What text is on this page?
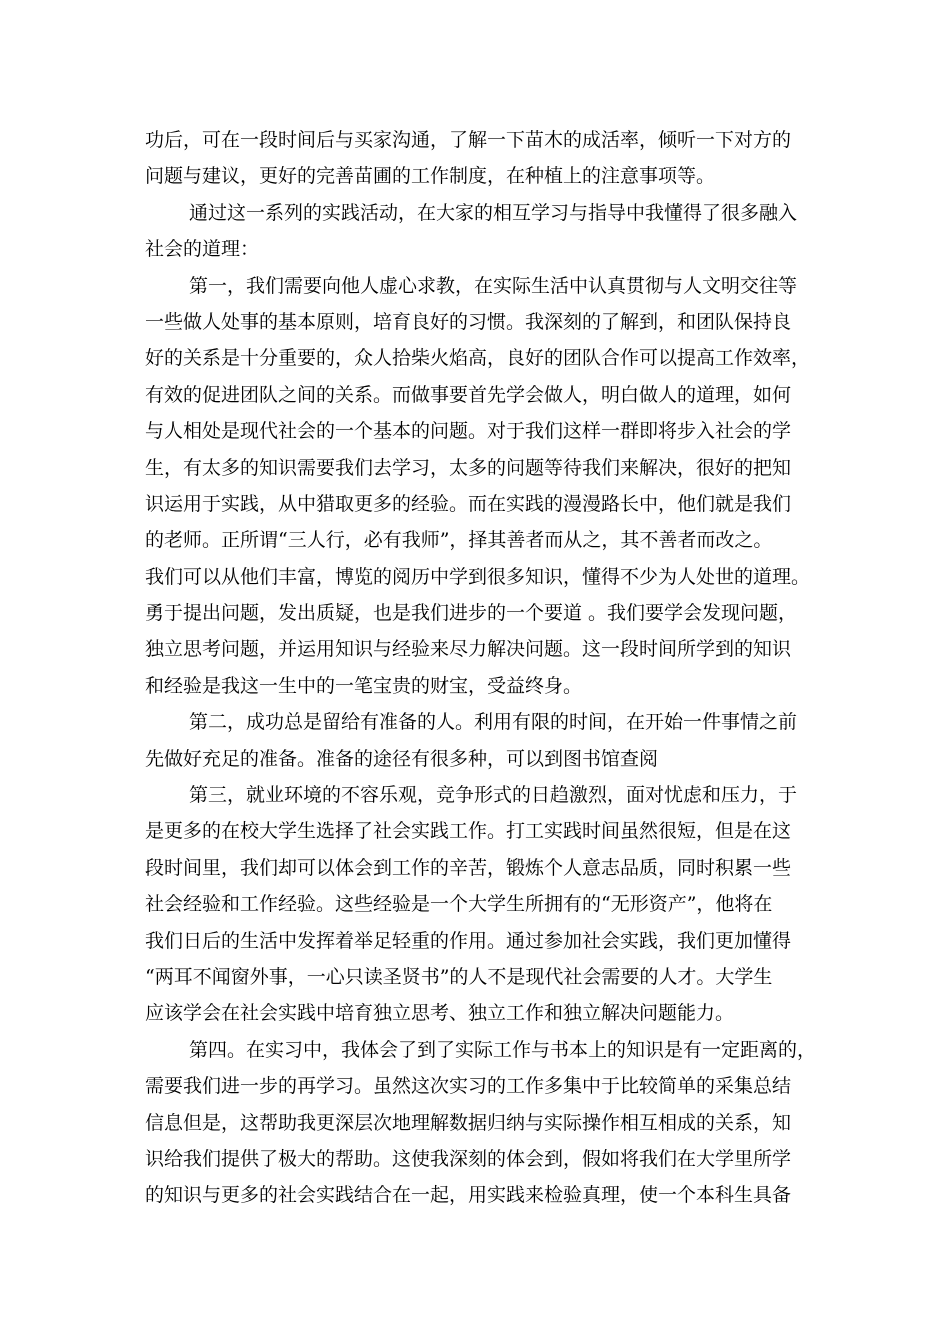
功后，可在一段时间后与买家沟通，了解一下苗木的成活率，倾听一下对方的
问题与建议，更好的完善苗圃的工作制度，在种植上的注意事项等。
通过这一系列的实践活动，在大家的相互学习与指导中我懂得了很多融入
社会的道理：
第一，我们需要向他人虚心求教，在实际生活中认真贯彻与人文明交往等
一些做人处事的基本原则，培育良好的习惯。我深刻的了解到，和团队保持良
好的关系是十分重要的，众人拾柴火焰高，良好的团队合作可以提高工作效率，
有效的促进团队之间的关系。而做事要首先学会做人，明白做人的道理，如何
与人相处是现代社会的一个基本的问题。对于我们这样一群即将步入社会的学
生，有太多的知识需要我们去学习，太多的问题等待我们来解决，很好的把知
识运用于实践，从中猎取更多的经验。而在实践的漫漫路长中，他们就是我们
的老师。正所谓“三人行，必有我师”，择其善者而从之，其不善者而改之。
我们可以从他们丰富，博览的阅历中学到很多知识，懂得不少为人处世的道理。
勇于提出问题，发出质疑，也是我们进步的一个要道 。我们要学会发现问题，
独立思考问题，并运用知识与经验来尽力解决问题。这一段时间所学到的知识
和经验是我这一生中的一笔宝贵的财宝，受益终身。
第二，成功总是留给有准备的人。利用有限的时间，在开始一件事情之前
先做好充足的准备。准备的途径有很多种，可以到图书馆查阅
第三，就业环境的不容乐观，竞争形式的日趋激烈，面对忧虑和压力，于
是更多的在校大学生选择了社会实践工作。打工实践时间虽然很短，但是在这
段时间里，我们却可以体会到工作的辛苦，锻炼个人意志品质，同时积累一些
社会经验和工作经验。这些经验是一个大学生所拥有的“无形资产”，他将在
我们日后的生活中发挥着举足轻重的作用。通过参加社会实践，我们更加懂得
“两耳不闻窗外事，一心只读圣贤书”的人不是现代社会需要的人才。大学生
应该学会在社会实践中培育独立思考、独立工作和独立解决问题能力。
第四。在实习中，我体会了到了实际工作与书本上的知识是有一定距离的，
需要我们进一步的再学习。虽然这次实习的工作多集中于比较简单的采集总结
信息但是，这帮助我更深层次地理解数据归纳与实际操作相互相成的关系，知
识给我们提供了极大的帮助。这使我深刻的体会到，假如将我们在大学里所学
的知识与更多的社会实践结合在一起，用实践来检验真理，使一个本科生具备
